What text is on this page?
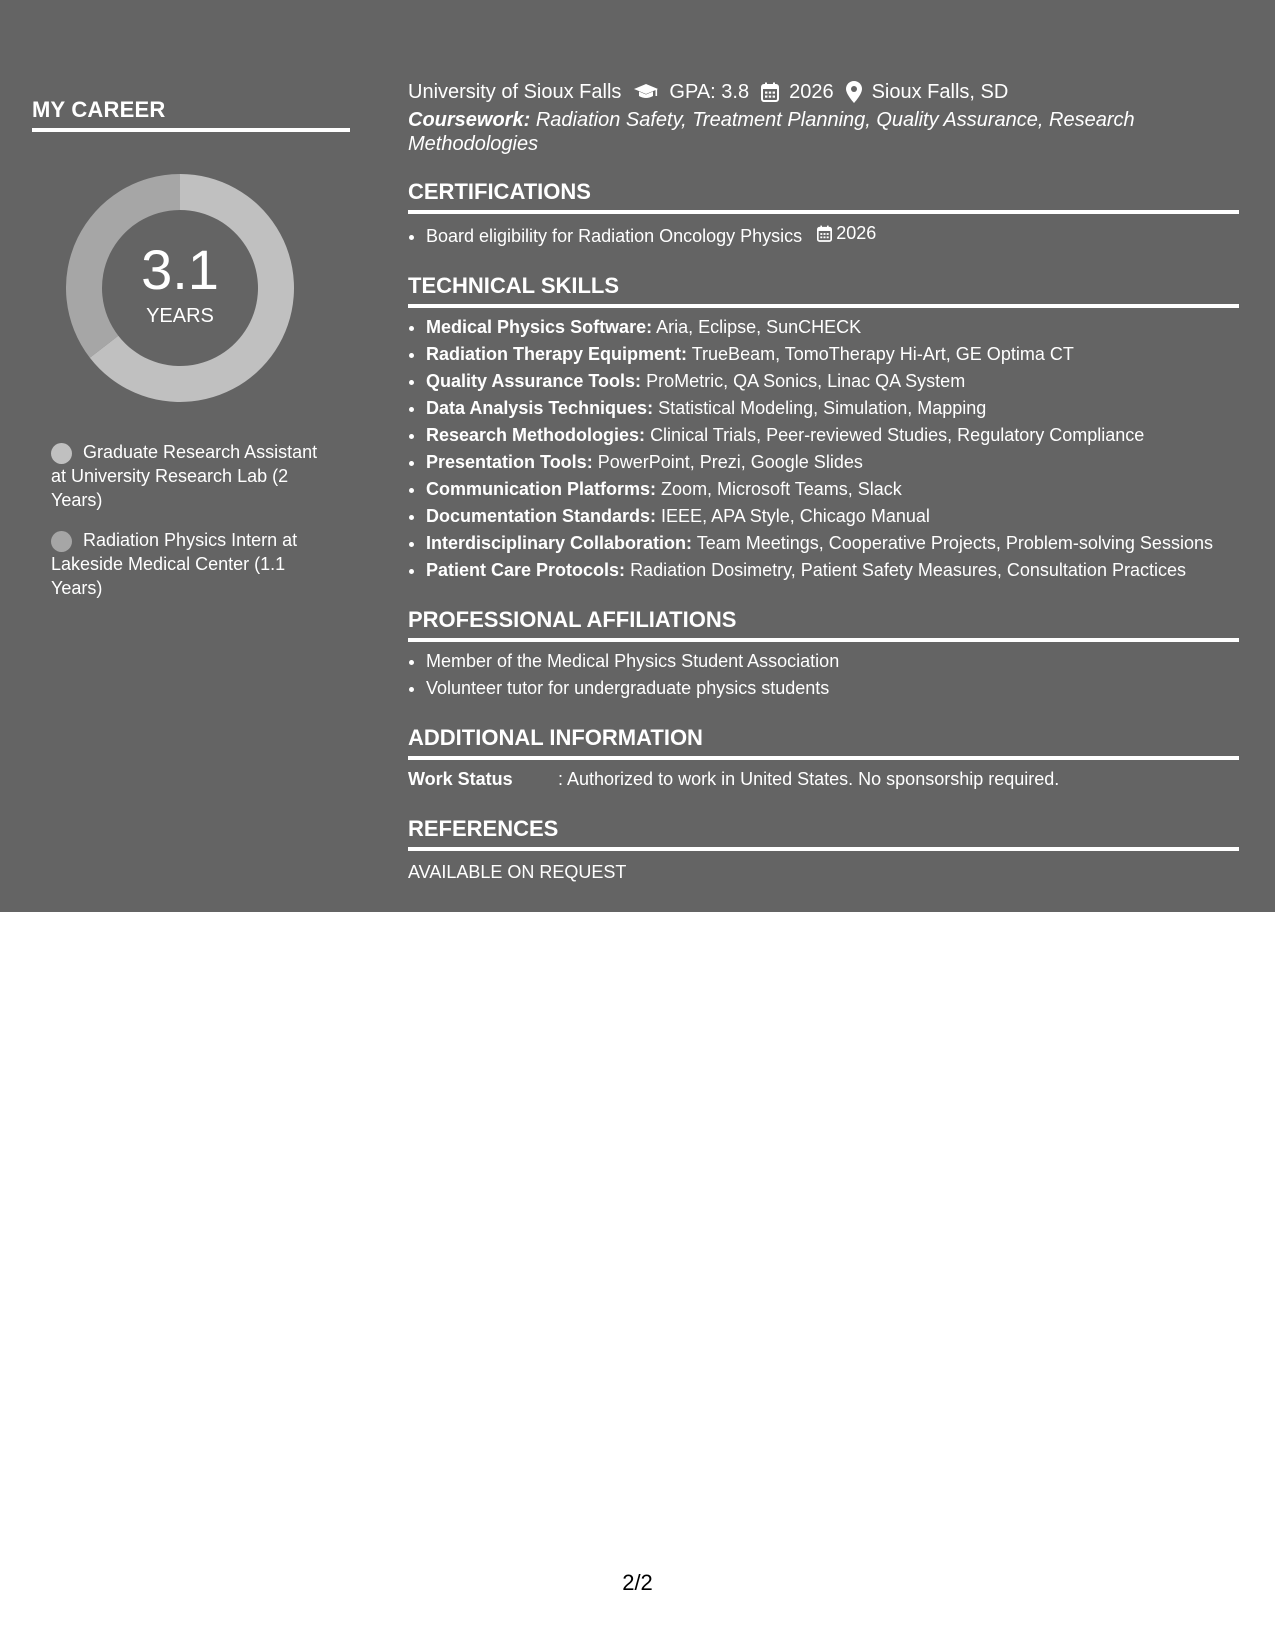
MY CAREER
3.1
YEARS
Graduate Research Assistant at University Research Lab (2 Years)
Radiation Physics Intern at Lakeside Medical Center (1.1 Years)
University of Sioux Falls GPA: 3.8 2026 Sioux Falls, SD
Coursework: Radiation Safety, Treatment Planning, Quality Assurance, Research Methodologies
CERTIFICATIONS
• Board eligibility for Radiation Oncology Physics 2026
TECHNICAL SKILLS
• Medical Physics Software: Aria, Eclipse, SunCHECK
• Radiation Therapy Equipment: TrueBeam, TomoTherapy Hi-Art, GE Optima CT
• Quality Assurance Tools: ProMetric, QA Sonics, Linac QA System
• Data Analysis Techniques: Statistical Modeling, Simulation, Mapping
• Research Methodologies: Clinical Trials, Peer-reviewed Studies, Regulatory Compliance
• Presentation Tools: PowerPoint, Prezi, Google Slides
• Communication Platforms: Zoom, Microsoft Teams, Slack
• Documentation Standards: IEEE, APA Style, Chicago Manual
• Interdisciplinary Collaboration: Team Meetings, Cooperative Projects, Problem-solving Sessions
• Patient Care Protocols: Radiation Dosimetry, Patient Safety Measures, Consultation Practices
PROFESSIONAL AFFILIATIONS
• Member of the Medical Physics Student Association
• Volunteer tutor for undergraduate physics students
ADDITIONAL INFORMATION
Work Status	: Authorized to work in United States. No sponsorship required.
REFERENCES
AVAILABLE ON REQUEST
2/2
